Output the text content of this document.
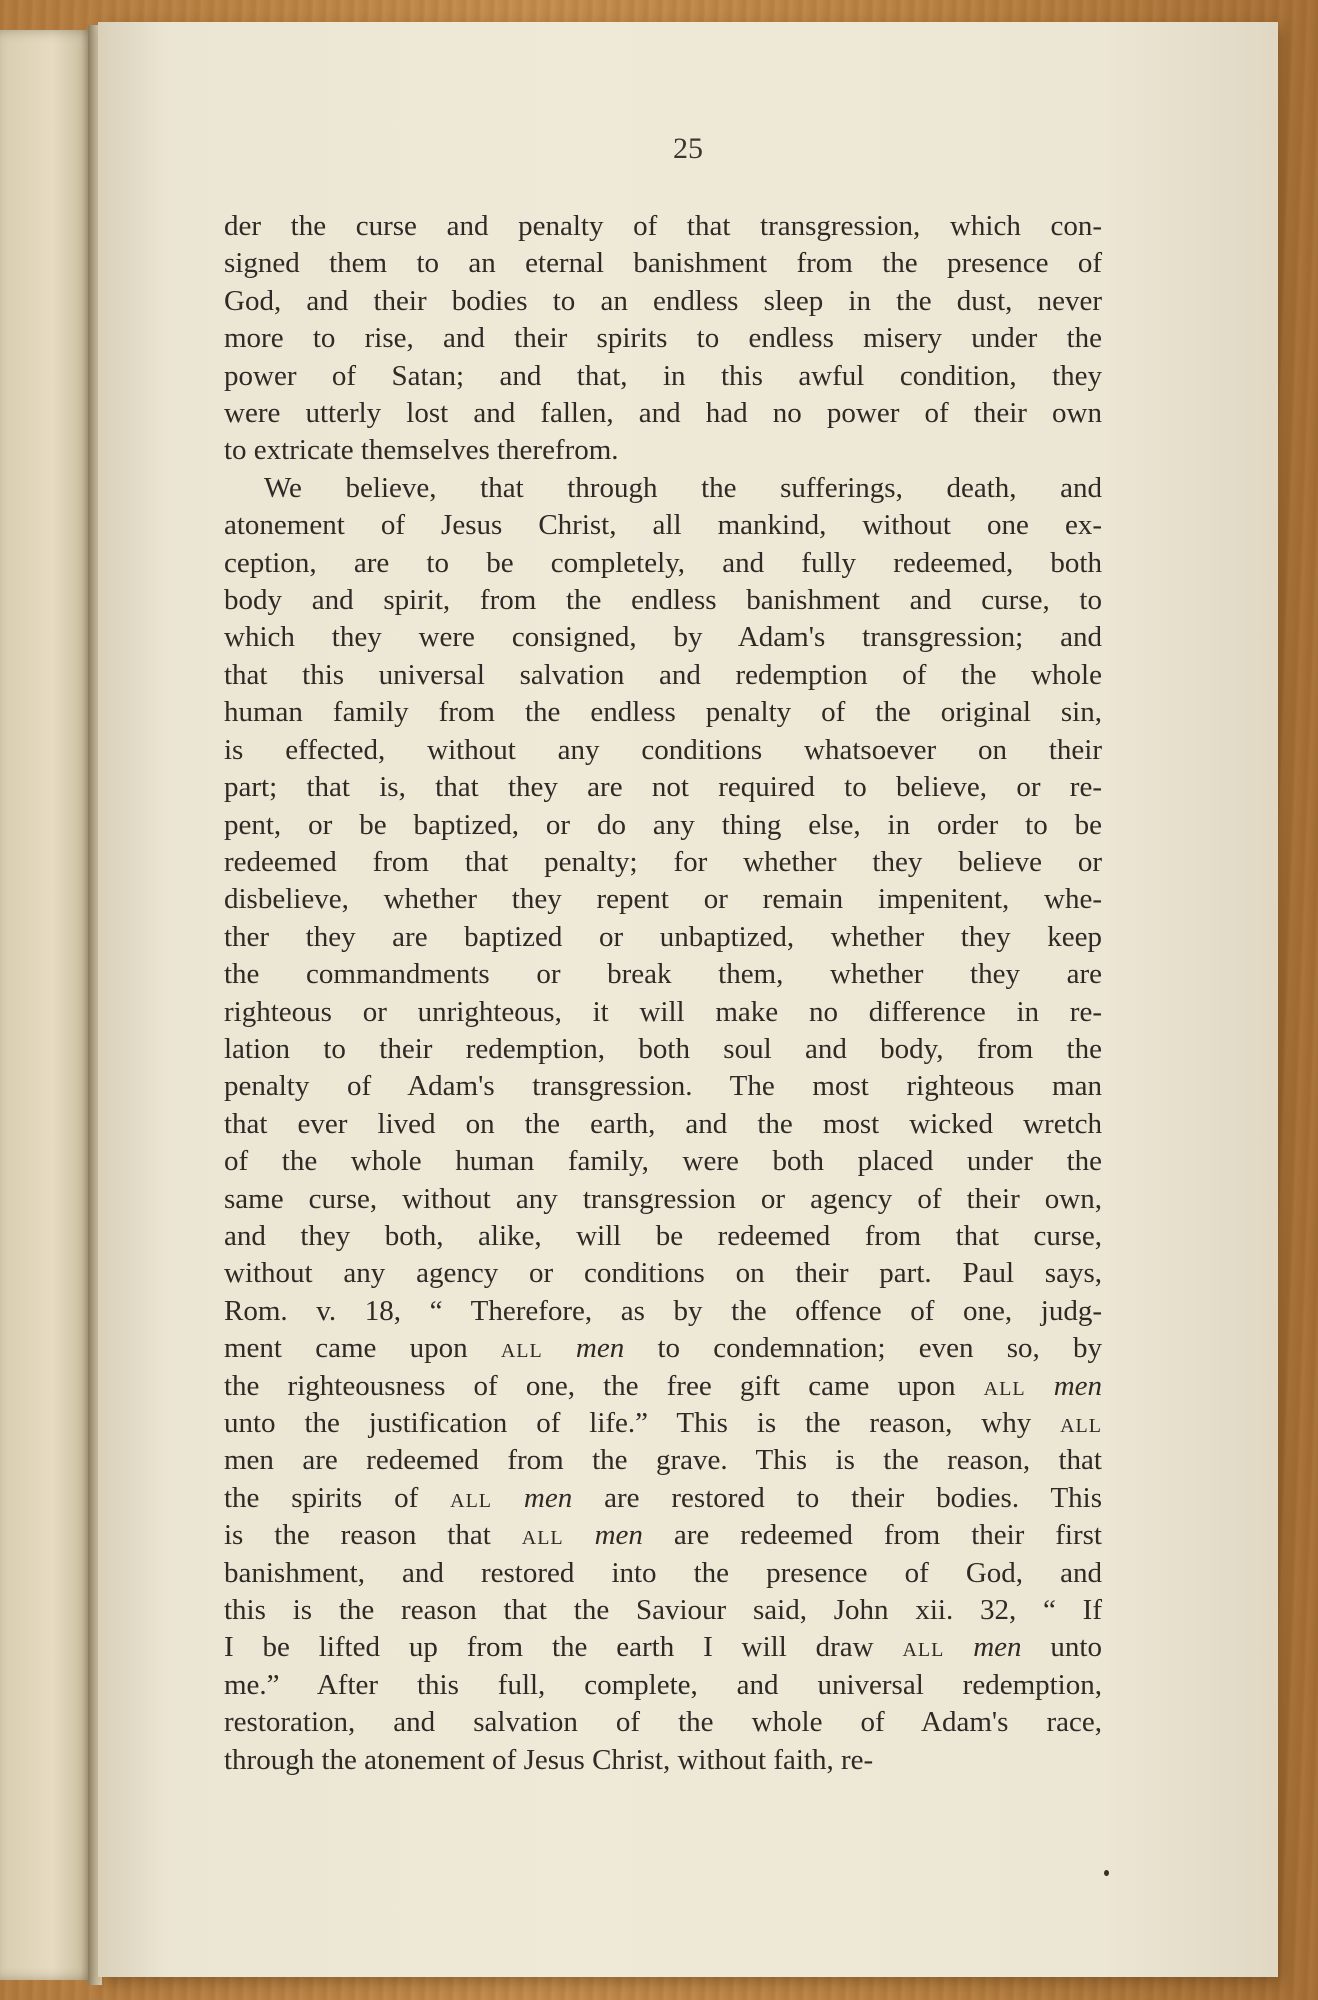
25

der the curse and penalty of that transgression, which con-
signed them to an eternal banishment from the presence of
God, and their bodies to an endless sleep in the dust, never
more to rise, and their spirits to endless misery under the
power of Satan; and that, in this awful condition, they
were utterly lost and fallen, and had no power of their own
to extricate themselves therefrom.

We believe, that through the sufferings, death, and
atonement of Jesus Christ, all mankind, without one ex-
ception, are to be completely, and fully redeemed, both
body and spirit, from the endless banishment and curse, to
which they were consigned, by Adam's transgression; and
that this universal salvation and redemption of the whole
human family from the endless penalty of the original sin,
is effected, without any conditions whatsoever on their
part; that is, that they are not required to believe, or re-
pent, or be baptized, or do any thing else, in order to be
redeemed from that penalty; for whether they believe or
disbelieve, whether they repent or remain impenitent, whe-
ther they are baptized or unbaptized, whether they keep
the commandments or break them, whether they are
righteous or unrighteous, it will make no difference in re-
lation to their redemption, both soul and body, from the
penalty of Adam's transgression. The most righteous man
that ever lived on the earth, and the most wicked wretch
of the whole human family, were both placed under the
same curse, without any transgression or agency of their own,
and they both, alike, will be redeemed from that curse,
without any agency or conditions on their part. Paul says,
Rom. v. 18, “ Therefore, as by the offence of one, judg-
ment came upon all men to condemnation; even so, by
the righteousness of one, the free gift came upon all men
unto the justification of life.” This is the reason, why all
men are redeemed from the grave. This is the reason, that
the spirits of all men are restored to their bodies. This
is the reason that all men are redeemed from their first
banishment, and restored into the presence of God, and
this is the reason that the Saviour said, John xii. 32, “ If
I be lifted up from the earth I will draw all men unto
me.” After this full, complete, and universal redemption,
restoration, and salvation of the whole of Adam's race,
through the atonement of Jesus Christ, without faith, re-
